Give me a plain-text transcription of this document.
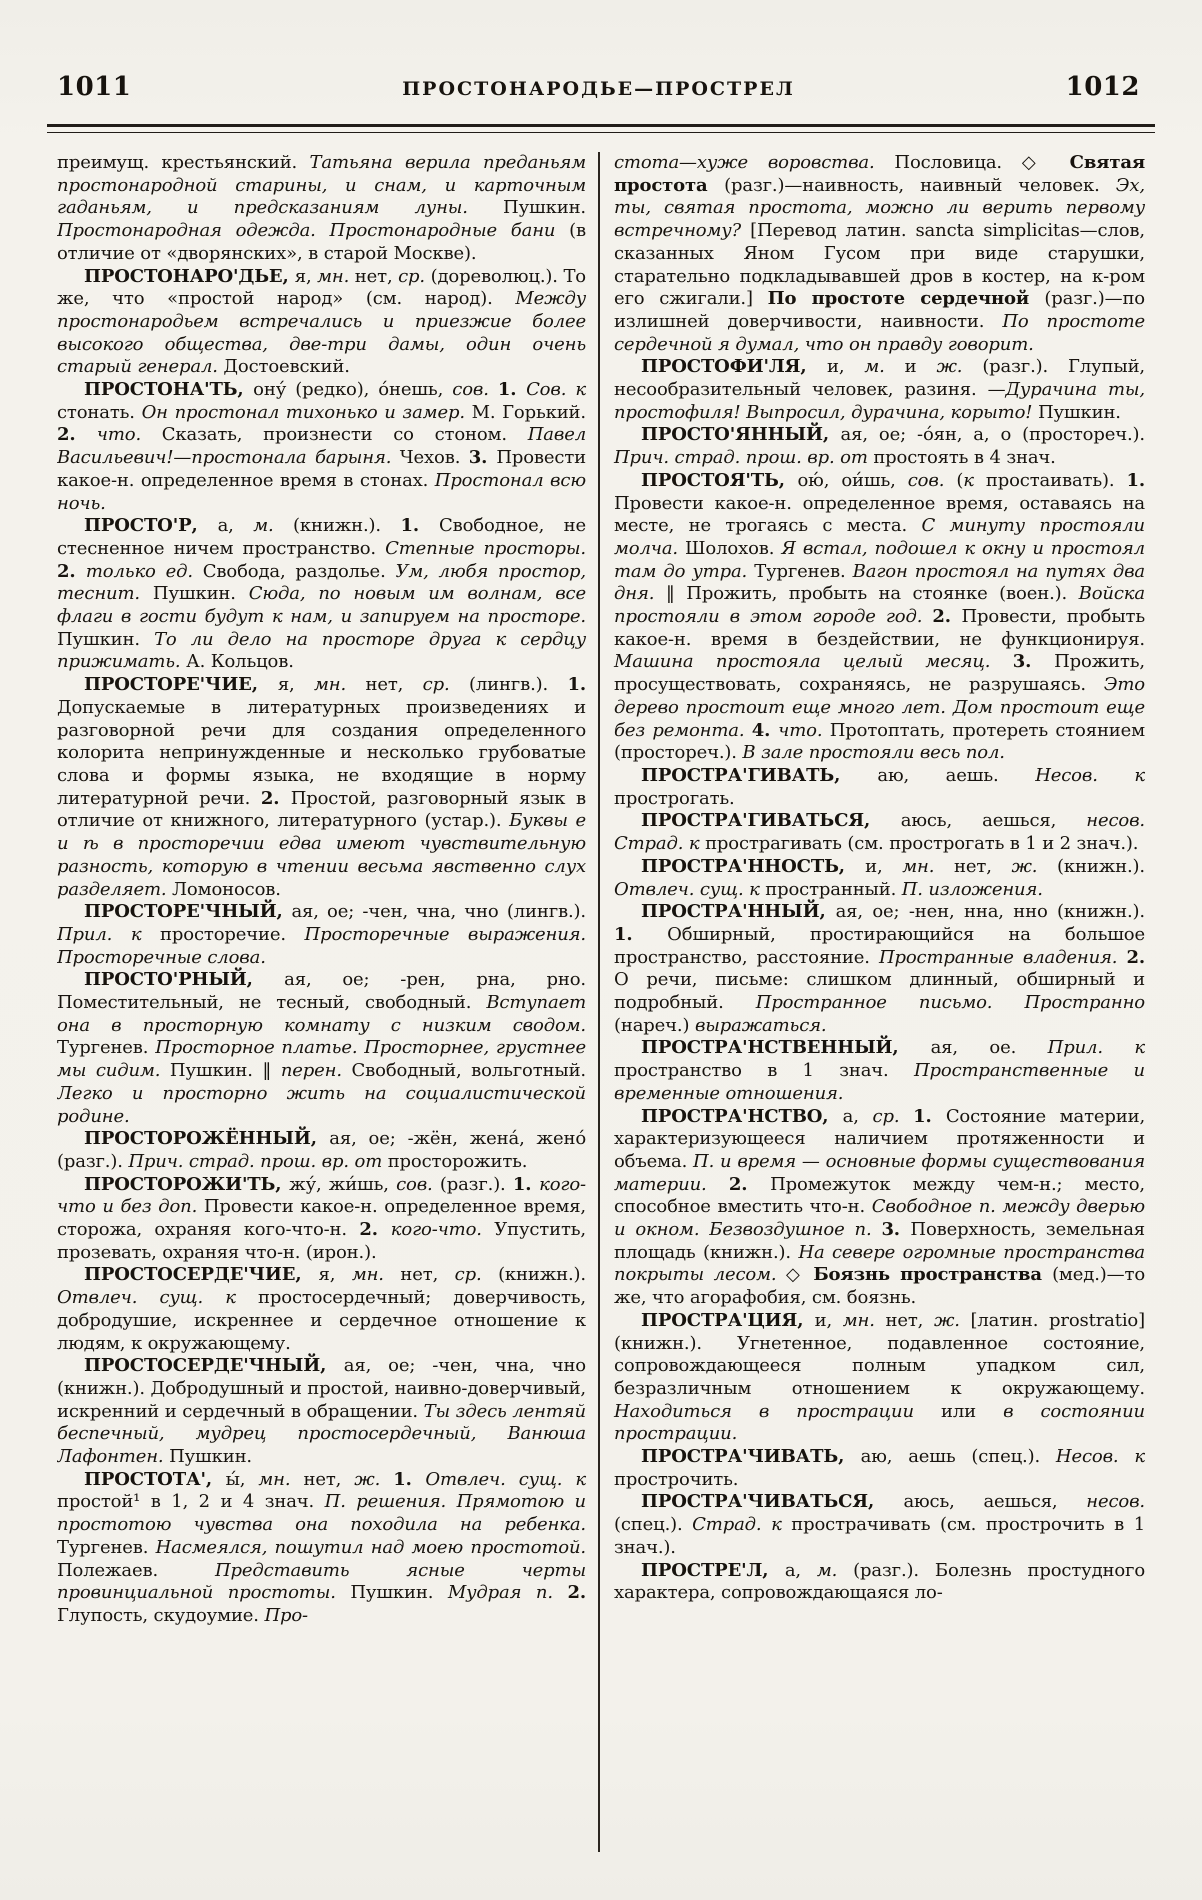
1011	ПРОСТОНАРОДЬЕ—ПРОСТРЕЛ	1012

преимущ. крестьянский. Татьяна верила преданьям простонародной старины, и снам, и карточным гаданьям, и предсказаниям луны. Пушкин. Простонародная одежда. Простонародные бани (в отличие от «дворянских», в старой Москве).

ПРОСТОНАРО'ДЬЕ, я, мн. нет, ср. (дореволюц.). То же, что «простой народ» (см. народ). Между простонародьем встречались и приезжие более высокого общества, две-три дамы, один очень старый генерал. Достоевский.

ПРОСТОНА'ТЬ, ону́ (редко), о́нешь, сов. 1. Сов. к стонать. Он простонал тихонько и замер. М. Горький. 2. что. Сказать, произнести со стоном. Павел Васильевич!—простонала барыня. Чехов. 3. Провести какое-н. определенное время в стонах. Простонал всю ночь.

ПРОСТО'Р, а, м. (книжн.). 1. Свободное, не стесненное ничем пространство. Степные просторы. 2. только ед. Свобода, раздолье. Ум, любя простор, теснит. Пушкин. Сюда, по новым им волнам, все флаги в гости будут к нам, и запируем на просторе. Пушкин. То ли дело на просторе друга к сердцу прижимать. А. Кольцов.

ПРОСТОРЕ'ЧИЕ, я, мн. нет, ср. (лингв.). 1. Допускаемые в литературных произведениях и разговорной речи для создания определенного колорита непринужденные и несколько грубоватые слова и формы языка, не входящие в норму литературной речи. 2. Простой, разговорный язык в отличие от книжного, литературного (устар.). Буквы е и ѣ в просторечии едва имеют чувствительную разность, которую в чтении весьма явственно слух разделяет. Ломоносов.

ПРОСТОРЕ'ЧНЫЙ, ая, ое; -чен, чна, чно (лингв.). Прил. к просторечие. Просторечные выражения. Просторечные слова.

ПРОСТО'РНЫЙ, ая, ое; -рен, рна, рно. Поместительный, не тесный, свободный. Вступает она в просторную комнату с низким сводом. Тургенев. Просторное платье. Просторнее, грустнее мы сидим. Пушкин. ‖ перен. Свободный, вольготный. Легко и просторно жить на социалистической родине.

ПРОСТОРОЖЁННЫЙ, ая, ое; -жён, жена́, жено́ (разг.). Прич. страд. прош. вр. от просторожить.

ПРОСТОРОЖИ'ТЬ, жу́, жи́шь, сов. (разг.). 1. кого-что и без доп. Провести какое-н. определенное время, сторожа, охраняя кого-что-н. 2. кого-что. Упустить, прозевать, охраняя что-н. (ирон.).

ПРОСТОСЕРДЕ'ЧИЕ, я, мн. нет, ср. (книжн.). Отвлеч. сущ. к простосердечный; доверчивость, добродушие, искреннее и сердечное отношение к людям, к окружающему.

ПРОСТОСЕРДЕ'ЧНЫЙ, ая, ое; -чен, чна, чно (книжн.). Добродушный и простой, наивно-доверчивый, искренний и сердечный в обращении. Ты здесь лентяй беспечный, мудрец простосердечный, Ванюша Лафонтен. Пушкин.

ПРОСТОТА', ы́, мн. нет, ж. 1. Отвлеч. сущ. к простой¹ в 1, 2 и 4 знач. П. решения. Прямотою и простотою чувства она походила на ребенка. Тургенев. Насмеялся, пошутил над моею простотой. Полежаев. Представить ясные черты провинциальной простоты. Пушкин. Мудрая п. 2. Глупость, скудоумие. Про-

стота—хуже воровства. Пословица. ◇ Святая простота (разг.)—наивность, наивный человек. Эх, ты, святая простота, можно ли верить первому встречному? [Перевод латин. sancta simplicitas—слов, сказанных Яном Гусом при виде старушки, старательно подкладывавшей дров в костер, на к-ром его сжигали.] По простоте сердечной (разг.)—по излишней доверчивости, наивности. По простоте сердечной я думал, что он правду говорит.

ПРОСТОФИ'ЛЯ, и, м. и ж. (разг.). Глупый, несообразительный человек, разиня. —Дурачина ты, простофиля! Выпросил, дурачина, корыто! Пушкин.

ПРОСТО'ЯННЫЙ, ая, ое; -о́ян, а, о (простореч.). Прич. страд. прош. вр. от простоять в 4 знач.

ПРОСТОЯ'ТЬ, ою́, ои́шь, сов. (к простаивать). 1. Провести какое-н. определенное время, оставаясь на месте, не трогаясь с места. С минуту простояли молча. Шолохов. Я встал, подошел к окну и простоял там до утра. Тургенев. Вагон простоял на путях два дня. ‖ Прожить, пробыть на стоянке (воен.). Войска простояли в этом городе год. 2. Провести, пробыть какое-н. время в бездействии, не функционируя. Машина простояла целый месяц. 3. Прожить, просуществовать, сохраняясь, не разрушаясь. Это дерево простоит еще много лет. Дом простоит еще без ремонта. 4. что. Протоптать, протереть стоянием (простореч.). В зале простояли весь пол.

ПРОСТРА'ГИВАТЬ, аю, аешь. Несов. к прострогать.

ПРОСТРА'ГИВАТЬСЯ, аюсь, аешься, несов. Страд. к прострагивать (см. прострогать в 1 и 2 знач.).

ПРОСТРА'ННОСТЬ, и, мн. нет, ж. (книжн.). Отвлеч. сущ. к пространный. П. изложения.

ПРОСТРА'ННЫЙ, ая, ое; -нен, нна, нно (книжн.). 1. Обширный, простирающийся на большое пространство, расстояние. Пространные владения. 2. О речи, письме: слишком длинный, обширный и подробный. Пространное письмо. Пространно (нареч.) выражаться.

ПРОСТРА'НСТВЕННЫЙ, ая, ое. Прил. к пространство в 1 знач. Пространственные и временные отношения.

ПРОСТРА'НСТВО, а, ср. 1. Состояние материи, характеризующееся наличием протяженности и объема. П. и время — основные формы существования материи. 2. Промежуток между чем-н.; место, способное вместить что-н. Свободное п. между дверью и окном. Безвоздушное п. 3. Поверхность, земельная площадь (книжн.). На севере огромные пространства покрыты лесом. ◇ Боязнь пространства (мед.)—то же, что агорафобия, см. боязнь.

ПРОСТРА'ЦИЯ, и, мн. нет, ж. [латин. prostratio] (книжн.). Угнетенное, подавленное состояние, сопровождающееся полным упадком сил, безразличным отношением к окружающему. Находиться в прострации или в состоянии прострации.

ПРОСТРА'ЧИВАТЬ, аю, аешь (спец.). Несов. к прострочить.

ПРОСТРА'ЧИВАТЬСЯ, аюсь, аешься, несов. (спец.). Страд. к прострачивать (см. прострочить в 1 знач.).

ПРОСТРЕ'Л, а, м. (разг.). Болезнь простудного характера, сопровождающаяся ло-
